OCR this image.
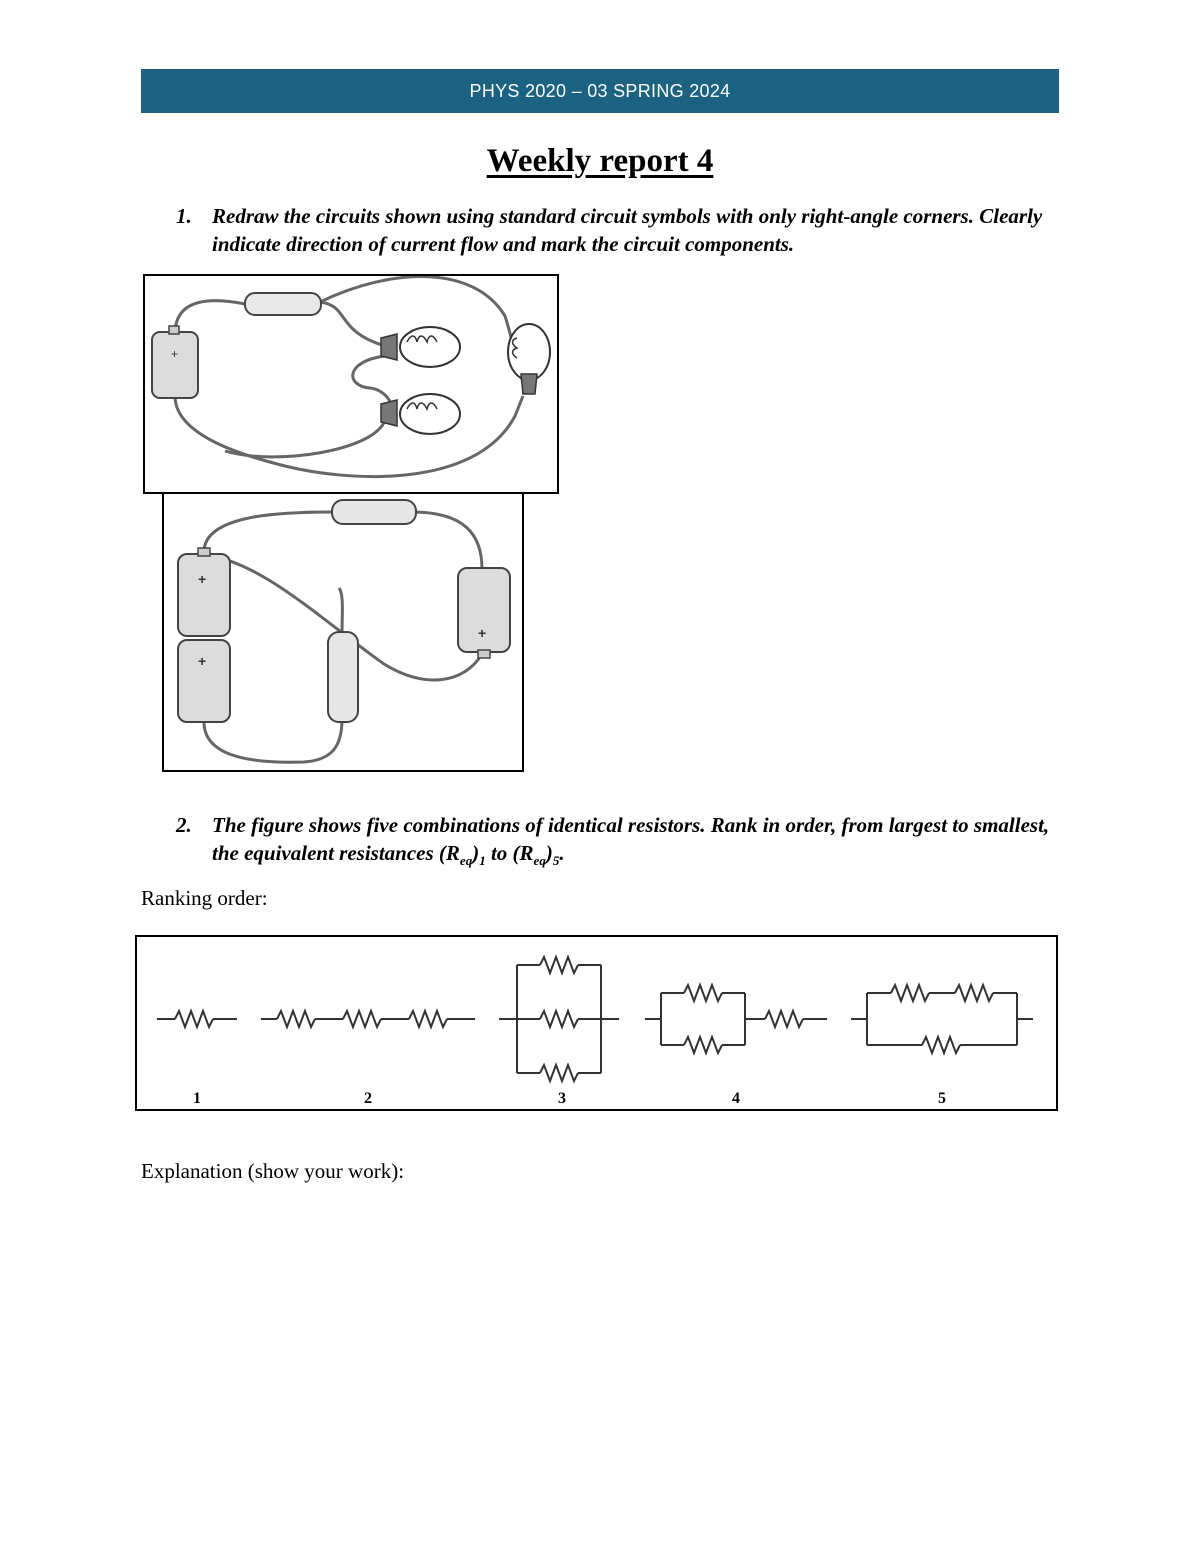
PHYS 2020 – 03 SPRING 2024
Weekly report 4
1. Redraw the circuits shown using standard circuit symbols with only right-angle corners. Clearly indicate direction of current flow and mark the circuit components.
+
+
+
+
2. The figure shows five combinations of identical resistors. Rank in order, from largest to smallest, the equivalent resistances $(R_{eq})_1$ to $(R_{eq})_5$.
Ranking order:
1	2	3	4	5
Explanation (show your work):
